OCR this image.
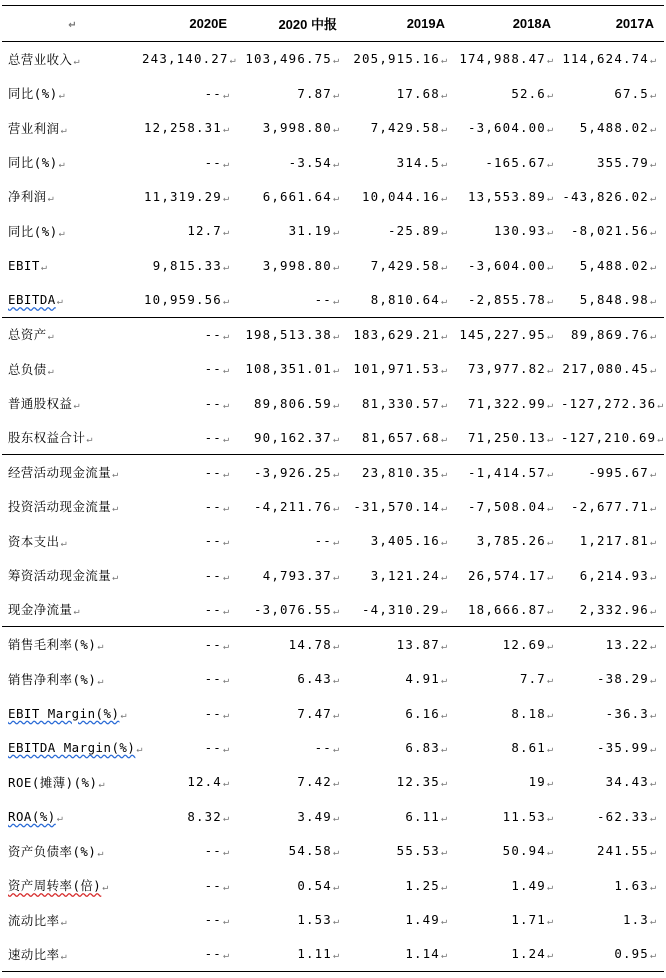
↵	2020E	2020 中报	2019A	2018A	2017A
总营业收入↵	243,140.27↵	103,496.75↵	205,915.16↵	174,988.47↵	114,624.74↵
同比(%)↵	--↵	7.87↵	17.68↵	52.6↵	67.5↵
营业利润↵	12,258.31↵	3,998.80↵	7,429.58↵	-3,604.00↵	5,488.02↵
同比(%)↵	--↵	-3.54↵	314.5↵	-165.67↵	355.79↵
净利润↵	11,319.29↵	6,661.64↵	10,044.16↵	13,553.89↵	-43,826.02↵
同比(%)↵	12.7↵	31.19↵	-25.89↵	130.93↵	-8,021.56↵
EBIT↵	9,815.33↵	3,998.80↵	7,429.58↵	-3,604.00↵	5,488.02↵
EBITDA↵	10,959.56↵	--↵	8,810.64↵	-2,855.78↵	5,848.98↵
总资产↵	--↵	198,513.38↵	183,629.21↵	145,227.95↵	89,869.76↵
总负债↵	--↵	108,351.01↵	101,971.53↵	73,977.82↵	217,080.45↵
普通股权益↵	--↵	89,806.59↵	81,330.57↵	71,322.99↵	-127,272.36↵
股东权益合计↵	--↵	90,162.37↵	81,657.68↵	71,250.13↵	-127,210.69↵
经营活动现金流量↵	--↵	-3,926.25↵	23,810.35↵	-1,414.57↵	-995.67↵
投资活动现金流量↵	--↵	-4,211.76↵	-31,570.14↵	-7,508.04↵	-2,677.71↵
资本支出↵	--↵	--↵	3,405.16↵	3,785.26↵	1,217.81↵
筹资活动现金流量↵	--↵	4,793.37↵	3,121.24↵	26,574.17↵	6,214.93↵
现金净流量↵	--↵	-3,076.55↵	-4,310.29↵	18,666.87↵	2,332.96↵
销售毛利率(%)↵	--↵	14.78↵	13.87↵	12.69↵	13.22↵
销售净利率(%)↵	--↵	6.43↵	4.91↵	7.7↵	-38.29↵
EBIT Margin(%)↵	--↵	7.47↵	6.16↵	8.18↵	-36.3↵
EBITDA Margin(%)↵	--↵	--↵	6.83↵	8.61↵	-35.99↵
ROE(摊薄)(%)↵	12.4↵	7.42↵	12.35↵	19↵	34.43↵
ROA(%)↵	8.32↵	3.49↵	6.11↵	11.53↵	-62.33↵
资产负债率(%)↵	--↵	54.58↵	55.53↵	50.94↵	241.55↵
资产周转率(倍)↵	--↵	0.54↵	1.25↵	1.49↵	1.63↵
流动比率↵	--↵	1.53↵	1.49↵	1.71↵	1.3↵
速动比率↵	--↵	1.11↵	1.14↵	1.24↵	0.95↵
